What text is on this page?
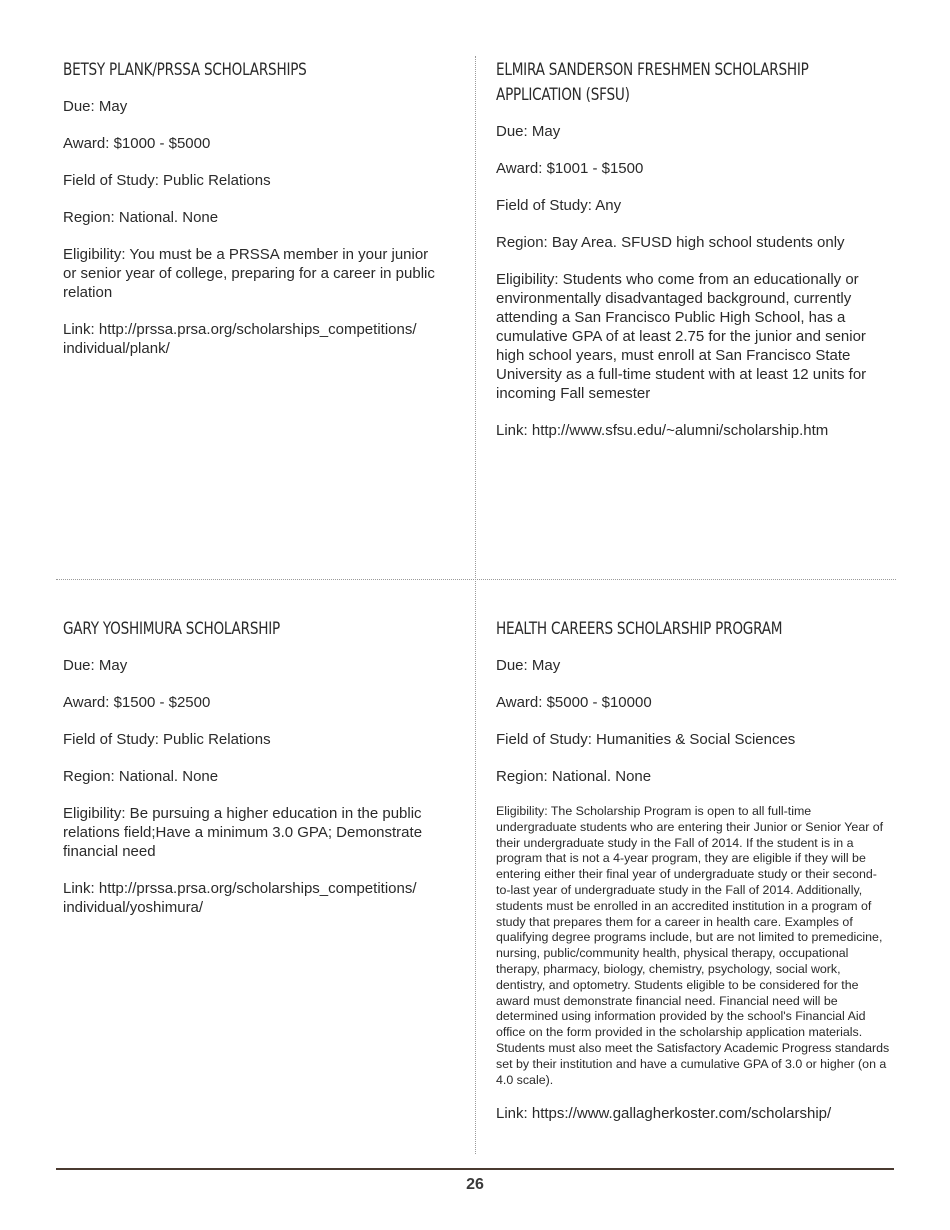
BETSY PLANK/PRSSA SCHOLARSHIPS

Due: May

Award: $1000 - $5000

Field of Study: Public Relations

Region: National. None

Eligibility: You must be a PRSSA member in your junior or senior year of college, preparing for a career in public relation

Link: http://prssa.prsa.org/scholarships_competitions/ individual/plank/

ELMIRA SANDERSON FRESHMEN SCHOLARSHIP APPLICATION (SFSU)

Due: May

Award: $1001 - $1500

Field of Study: Any

Region: Bay Area. SFUSD high school students only

Eligibility: Students who come from an educationally or environmentally disadvantaged background, currently attending a San Francisco Public High School, has a cumulative GPA of at least 2.75 for the junior and senior high school years, must enroll at San Francisco State University as a full-time student with at least 12 units for incoming Fall semester

Link: http://www.sfsu.edu/~alumni/scholarship.htm

GARY YOSHIMURA SCHOLARSHIP

Due: May

Award: $1500 - $2500

Field of Study: Public Relations

Region: National. None

Eligibility: Be pursuing a higher education in the public relations field;Have a minimum 3.0 GPA; Demonstrate financial need

Link: http://prssa.prsa.org/scholarships_competitions/ individual/yoshimura/

HEALTH CAREERS SCHOLARSHIP PROGRAM

Due: May

Award: $5000 - $10000

Field of Study: Humanities & Social Sciences

Region: National. None

Eligibility: The Scholarship Program is open to all full-time undergraduate students who are entering their Junior or Senior Year of their undergraduate study in the Fall of 2014. If the student is in a program that is not a 4-year program, they are eligible if they will be entering either their final year of undergraduate study or their second-to-last year of undergraduate study in the Fall of 2014. Additionally, students must be enrolled in an accredited institution in a program of study that prepares them for a career in health care. Examples of qualifying degree programs include, but are not limited to premedicine, nursing, public/community health, physical therapy, occupational therapy, pharmacy, biology, chemistry, psychology, social work, dentistry, and optometry. Students eligible to be considered for the award must demonstrate financial need. Financial need will be determined using information provided by the school's Financial Aid office on the form provided in the scholarship application materials. Students must also meet the Satisfactory Academic Progress standards set by their institution and have a cumulative GPA of 3.0 or higher (on a 4.0 scale).

Link: https://www.gallagherkoster.com/scholarship/

26
